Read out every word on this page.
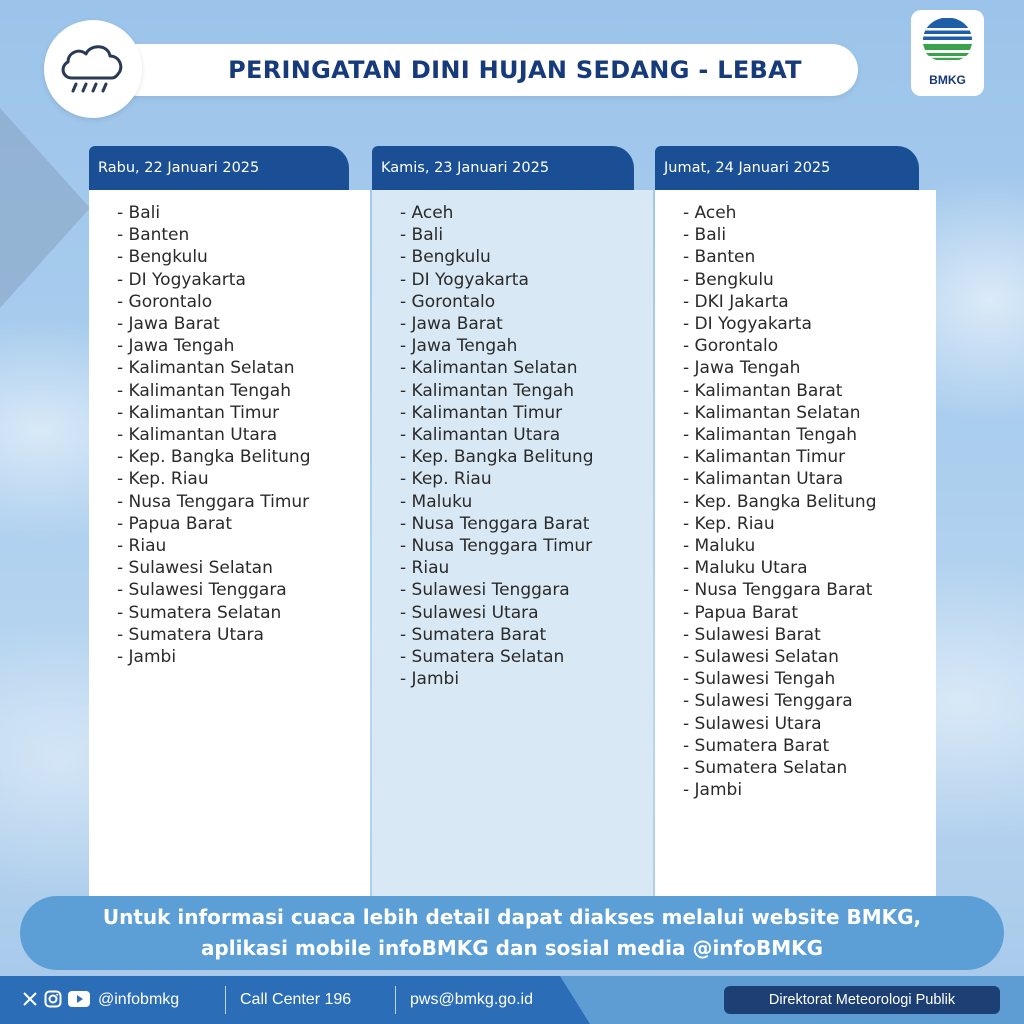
PERINGATAN DINI HUJAN SEDANG - LEBAT	BMKG
Rabu, 22 Januari 2025
- Bali
- Banten
- Bengkulu
- DI Yogyakarta
- Gorontalo
- Jawa Barat
- Jawa Tengah
- Kalimantan Selatan
- Kalimantan Tengah
- Kalimantan Timur
- Kalimantan Utara
- Kep. Bangka Belitung
- Kep. Riau
- Nusa Tenggara Timur
- Papua Barat
- Riau
- Sulawesi Selatan
- Sulawesi Tenggara
- Sumatera Selatan
- Sumatera Utara
- Jambi
Kamis, 23 Januari 2025
- Aceh
- Bali
- Bengkulu
- DI Yogyakarta
- Gorontalo
- Jawa Barat
- Jawa Tengah
- Kalimantan Selatan
- Kalimantan Tengah
- Kalimantan Timur
- Kalimantan Utara
- Kep. Bangka Belitung
- Kep. Riau
- Maluku
- Nusa Tenggara Barat
- Nusa Tenggara Timur
- Riau
- Sulawesi Tenggara
- Sulawesi Utara
- Sumatera Barat
- Sumatera Selatan
- Jambi
Jumat, 24 Januari 2025
- Aceh
- Bali
- Banten
- Bengkulu
- DKI Jakarta
- DI Yogyakarta
- Gorontalo
- Jawa Tengah
- Kalimantan Barat
- Kalimantan Selatan
- Kalimantan Tengah
- Kalimantan Timur
- Kalimantan Utara
- Kep. Bangka Belitung
- Kep. Riau
- Maluku
- Maluku Utara
- Nusa Tenggara Barat
- Papua Barat
- Sulawesi Barat
- Sulawesi Selatan
- Sulawesi Tengah
- Sulawesi Tenggara
- Sulawesi Utara
- Sumatera Barat
- Sumatera Selatan
- Jambi
Untuk informasi cuaca lebih detail dapat diakses melalui website BMKG,
aplikasi mobile infoBMKG dan sosial media @infoBMKG
@infobmkg	Call Center 196	pws@bmkg.go.id	Direktorat Meteorologi Publik
